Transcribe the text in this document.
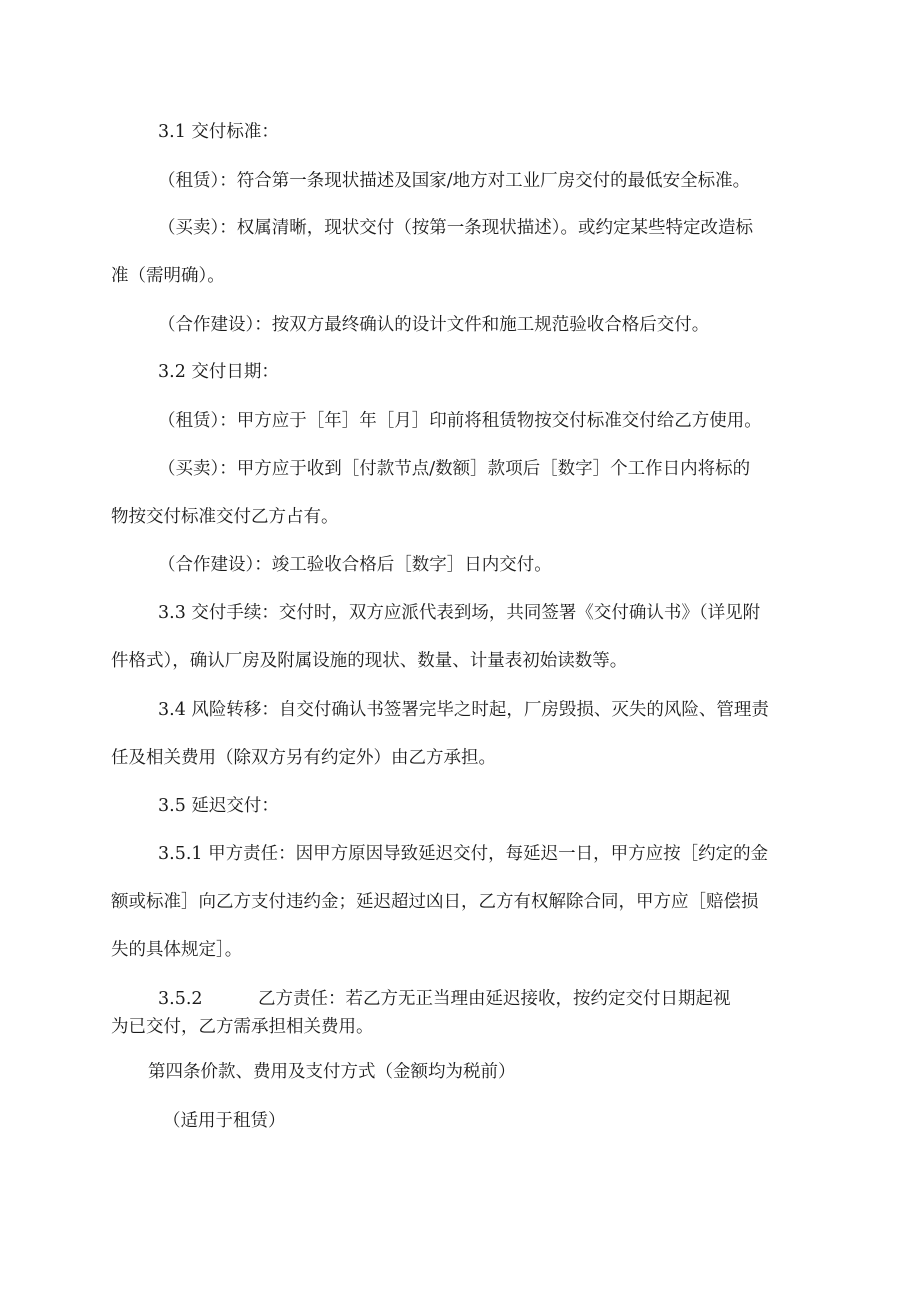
3.1 交付标准：
（租赁）：符合第一条现状描述及国家/地方对工业厂房交付的最低安全标准。
（买卖）：权属清晰，现状交付（按第一条现状描述）。或约定某些特定改造标
准（需明确）。
（合作建设）：按双方最终确认的设计文件和施工规范验收合格后交付。
3.2 交付日期：
（租赁）：甲方应于［年］年［月］印前将租赁物按交付标准交付给乙方使用。
（买卖）：甲方应于收到［付款节点/数额］款项后［数字］个工作日内将标的
物按交付标准交付乙方占有。
（合作建设）：竣工验收合格后［数字］日内交付。
3.3 交付手续：交付时，双方应派代表到场，共同签署《交付确认书》（详见附
件格式），确认厂房及附属设施的现状、数量、计量表初始读数等。
3.4 风险转移：自交付确认书签署完毕之时起，厂房毁损、灭失的风险、管理责
任及相关费用（除双方另有约定外）由乙方承担。
3.5 延迟交付：
3.5.1 甲方责任：因甲方原因导致延迟交付，每延迟一日，甲方应按［约定的金
额或标准］向乙方支付违约金；延迟超过凶日，乙方有权解除合同，甲方应［赔偿损
失的具体规定］。
3.5.2	乙方责任：若乙方无正当理由延迟接收，按约定交付日期起视
为已交付，乙方需承担相关费用。
第四条价款、费用及支付方式（金额均为税前）
（适用于租赁）
